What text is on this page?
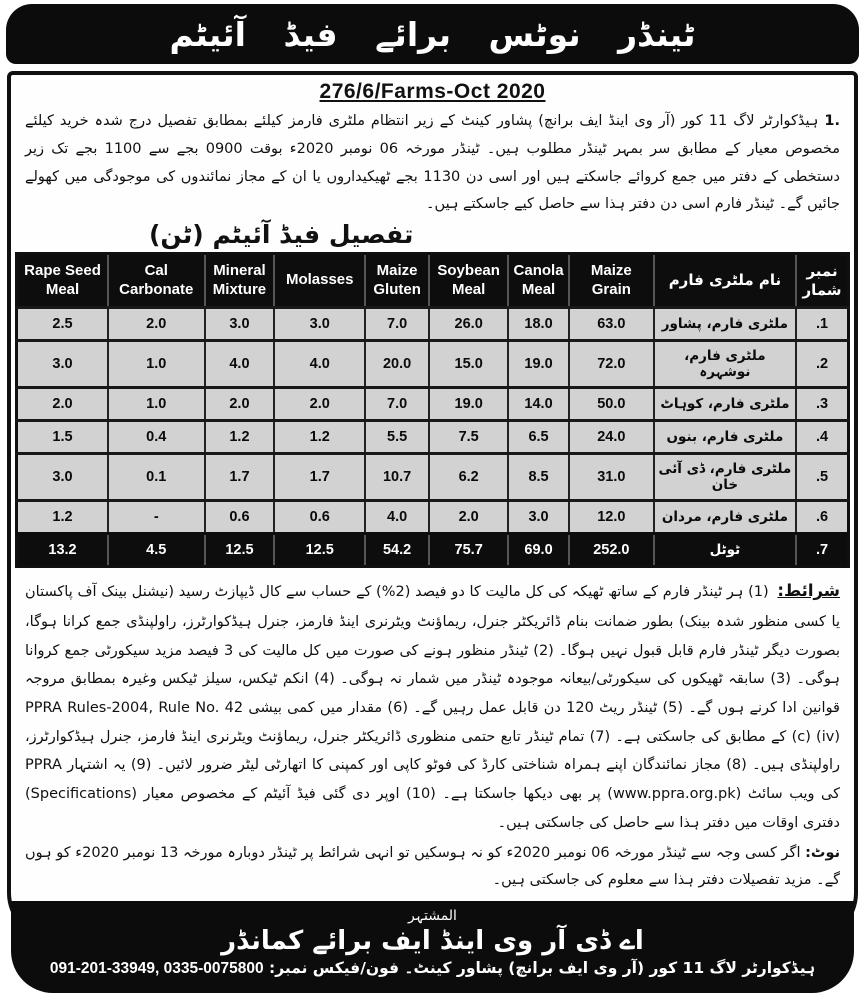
ٹینڈر نوٹس برائے فیڈ آئیٹم
276/6/Farms-Oct 2020
1. ہیڈکوارٹر لاگ 11 کور (آر وی اینڈ ایف برانچ) پشاور کینٹ کے زیر انتظام ملٹری فارمز کیلئے بمطابق تفصیل درج شدہ خرید کیلئے مخصوص معیار کے مطابق سر بمہر ٹینڈر مطلوب ہیں۔ ٹینڈر مورخہ 06 نومبر 2020ء بوقت 0900 بجے سے 1100 بجے تک زیر دستخطی کے دفتر میں جمع کروائے جاسکتے ہیں اور اسی دن 1130 بجے ٹھیکیداروں یا ان کے مجاز نمائندوں کی موجودگی میں کھولے جائیں گے۔ ٹینڈر فارم اسی دن دفتر ہذا سے حاصل کیے جاسکتے ہیں۔
تفصیل فیڈ آئیٹم (ٹن)
Rape Seed Meal	Cal Carbonate	Mineral Mixture	Molasses	Maize Gluten	Soybean Meal	Canola Meal	Maize Grain	نام ملٹری فارم	نمبر شمار
2.5	2.0	3.0	3.0	7.0	26.0	18.0	63.0	ملٹری فارم، پشاور	.1
3.0	1.0	4.0	4.0	20.0	15.0	19.0	72.0	ملٹری فارم، نوشہرہ	.2
2.0	1.0	2.0	2.0	7.0	19.0	14.0	50.0	ملٹری فارم، کوہاٹ	.3
1.5	0.4	1.2	1.2	5.5	7.5	6.5	24.0	ملٹری فارم، بنوں	.4
3.0	0.1	1.7	1.7	10.7	6.2	8.5	31.0	ملٹری فارم، ڈی آئی خان	.5
1.2	-	0.6	0.6	4.0	2.0	3.0	12.0	ملٹری فارم، مردان	.6
13.2	4.5	12.5	12.5	54.2	75.7	69.0	252.0	ٹوٹل	.7
شرائط: (1) ہر ٹینڈر فارم کے ساتھ ٹھیکہ کی کل مالیت کا دو فیصد (2%) کے حساب سے کال ڈیپازٹ رسید (نیشنل بینک آف پاکستان یا کسی منظور شدہ بینک) بطور ضمانت بنام ڈائریکٹر جنرل، ریماؤنٹ ویٹرنری اینڈ فارمز، جنرل ہیڈکوارٹرز، راولپنڈی جمع کرانا ہوگا، بصورت دیگر ٹینڈر فارم قابل قبول نہیں ہوگا۔ (2) ٹینڈر منظور ہونے کی صورت میں کل مالیت کی 3 فیصد مزید سیکورٹی جمع کروانا ہوگی۔ (3) سابقہ ٹھیکوں کی سیکورٹی/بیعانہ موجودہ ٹینڈر میں شمار نہ ہوگی۔ (4) انکم ٹیکس، سیلز ٹیکس وغیرہ بمطابق مروجہ قوانین ادا کرنے ہوں گے۔ (5) ٹینڈر ریٹ 120 دن قابل عمل رہیں گے۔ (6) مقدار میں کمی بیشی PPRA Rules-2004, Rule No. 42 (c) (iv) کے مطابق کی جاسکتی ہے۔ (7) تمام ٹینڈر تابع حتمی منظوری ڈائریکٹر جنرل، ریماؤنٹ ویٹرنری اینڈ فارمز، جنرل ہیڈکوارٹرز، راولپنڈی ہیں۔ (8) مجاز نمائندگان اپنے ہمراہ شناختی کارڈ کی فوٹو کاپی اور کمپنی کا اتھارٹی لیٹر ضرور لائیں۔ (9) یہ اشتہار PPRA کی ویب سائٹ (www.ppra.org.pk) پر بھی دیکھا جاسکتا ہے۔ (10) اوپر دی گئی فیڈ آئیٹم کے مخصوص معیار (Specifications) دفتری اوقات میں دفتر ہذا سے حاصل کی جاسکتی ہیں۔
نوٹ: اگر کسی وجہ سے ٹینڈر مورخہ 06 نومبر 2020ء کو نہ ہوسکیں تو انہی شرائط پر ٹینڈر دوبارہ مورخہ 13 نومبر 2020ء کو ہوں گے۔ مزید تفصیلات دفتر ہذا سے معلوم کی جاسکتی ہیں۔
المشتہر
اے ڈی آر وی اینڈ ایف برائے کمانڈر
ہیڈکوارٹر لاگ 11 کور (آر وی ایف برانچ) پشاور کینٹ۔ فون/فیکس نمبر: 091-201-33949, 0335-0075800
